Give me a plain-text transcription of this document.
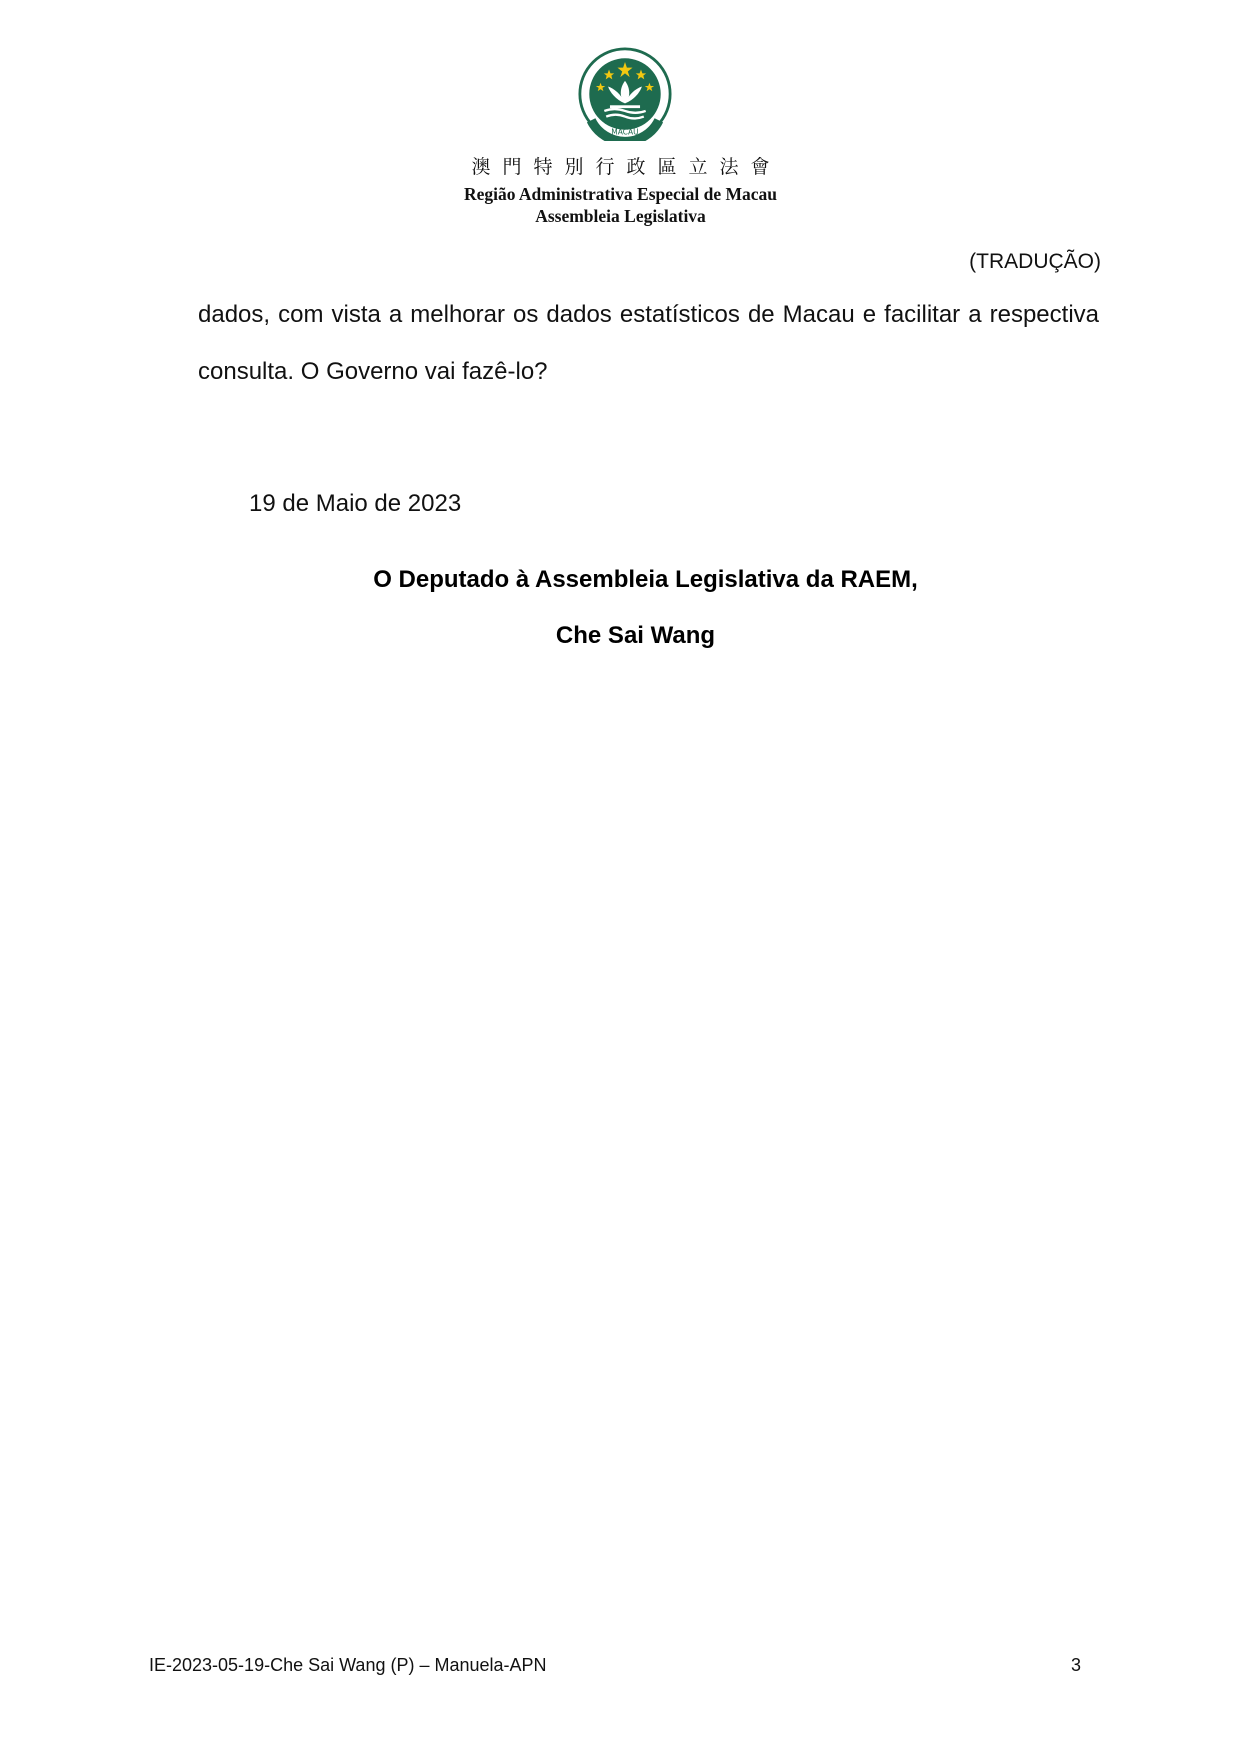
MACAU
澳門特別行政區立法會
Região Administrativa Especial de Macau
Assembleia Legislativa
(TRADUÇÃO)
dados, com vista a melhorar os dados estatísticos de Macau e facilitar a respectiva consulta. O Governo vai fazê-lo?
19 de Maio de 2023
O Deputado à Assembleia Legislativa da RAEM,
Che Sai Wang
IE-2023-05-19-Che Sai Wang (P) – Manuela-APN	3
